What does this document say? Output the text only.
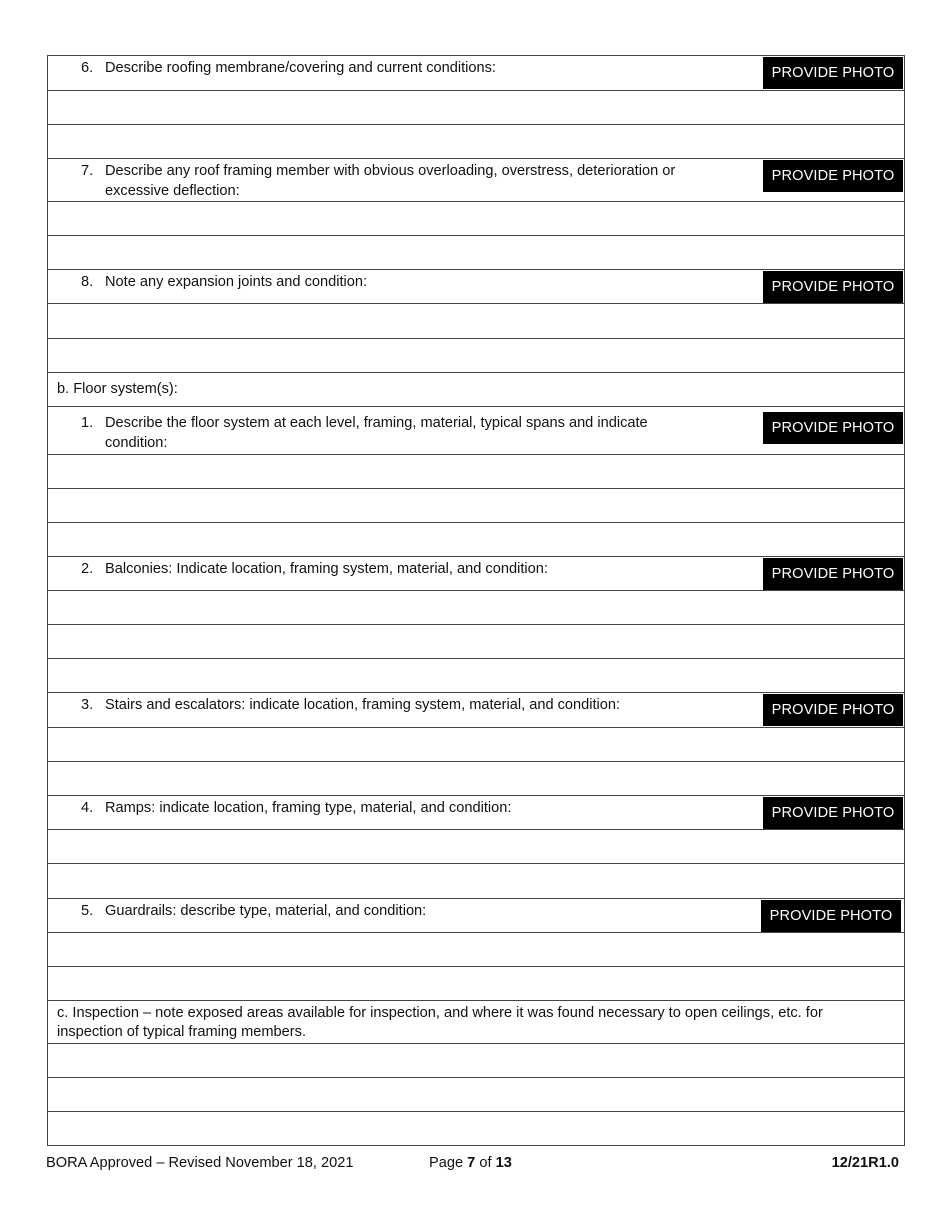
6. Describe roofing membrane/covering and current conditions:	PROVIDE PHOTO
7. Describe any roof framing member with obvious overloading, overstress, deterioration or excessive deflection:
PROVIDE PHOTO
8. Note any expansion joints and condition:	PROVIDE PHOTO
b. Floor system(s):
1. Describe the floor system at each level, framing, material, typical spans and indicate condition:
PROVIDE PHOTO
2. Balconies: Indicate location, framing system, material, and condition:	PROVIDE PHOTO
3. Stairs and escalators: indicate location, framing system, material, and condition:	PROVIDE PHOTO
4. Ramps: indicate location, framing type, material, and condition:	PROVIDE PHOTO
5. Guardrails: describe type, material, and condition:	PROVIDE PHOTO
c. Inspection – note exposed areas available for inspection, and where it was found necessary to open ceilings, etc. for inspection of typical framing members.
BORA Approved – Revised November 18, 2021	Page 7 of 13	12/21R1.0
